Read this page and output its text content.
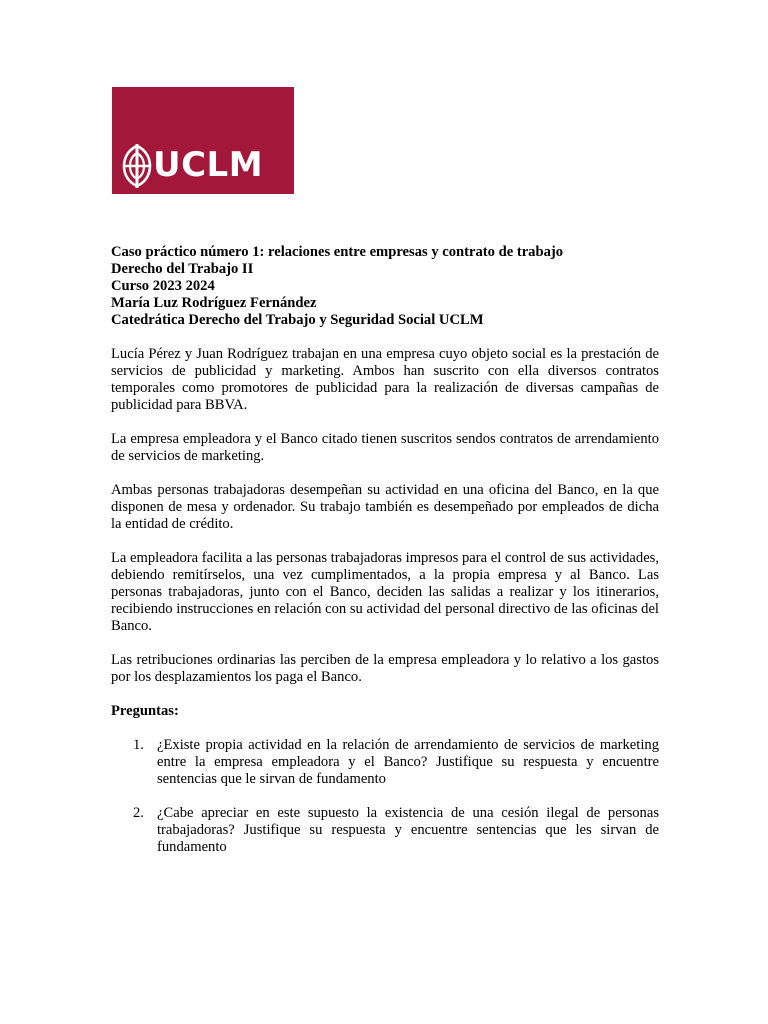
UCLM
Caso práctico número 1: relaciones entre empresas y contrato de trabajo
Derecho del Trabajo II
Curso 2023 2024
María Luz Rodríguez Fernández
Catedrática Derecho del Trabajo y Seguridad Social UCLM

Lucía Pérez y Juan Rodríguez trabajan en una empresa cuyo objeto social es la prestación de servicios de publicidad y marketing. Ambos han suscrito con ella diversos contratos temporales como promotores de publicidad para la realización de diversas campañas de publicidad para BBVA.

La empresa empleadora y el Banco citado tienen suscritos sendos contratos de arrendamiento de servicios de marketing.

Ambas personas trabajadoras desempeñan su actividad en una oficina del Banco, en la que disponen de mesa y ordenador. Su trabajo también es desempeñado por empleados de dicha la entidad de crédito.

La empleadora facilita a las personas trabajadoras impresos para el control de sus actividades, debiendo remitírselos, una vez cumplimentados, a la propia empresa y al Banco. Las personas trabajadoras, junto con el Banco, deciden las salidas a realizar y los itinerarios, recibiendo instrucciones en relación con su actividad del personal directivo de las oficinas del Banco.

Las retribuciones ordinarias las perciben de la empresa empleadora y lo relativo a los gastos por los desplazamientos los paga el Banco.

Preguntas:

1. ¿Existe propia actividad en la relación de arrendamiento de servicios de marketing entre la empresa empleadora y el Banco? Justifique su respuesta y encuentre sentencias que le sirvan de fundamento
2. ¿Cabe apreciar en este supuesto la existencia de una cesión ilegal de personas trabajadoras? Justifique su respuesta y encuentre sentencias que les sirvan de fundamento
